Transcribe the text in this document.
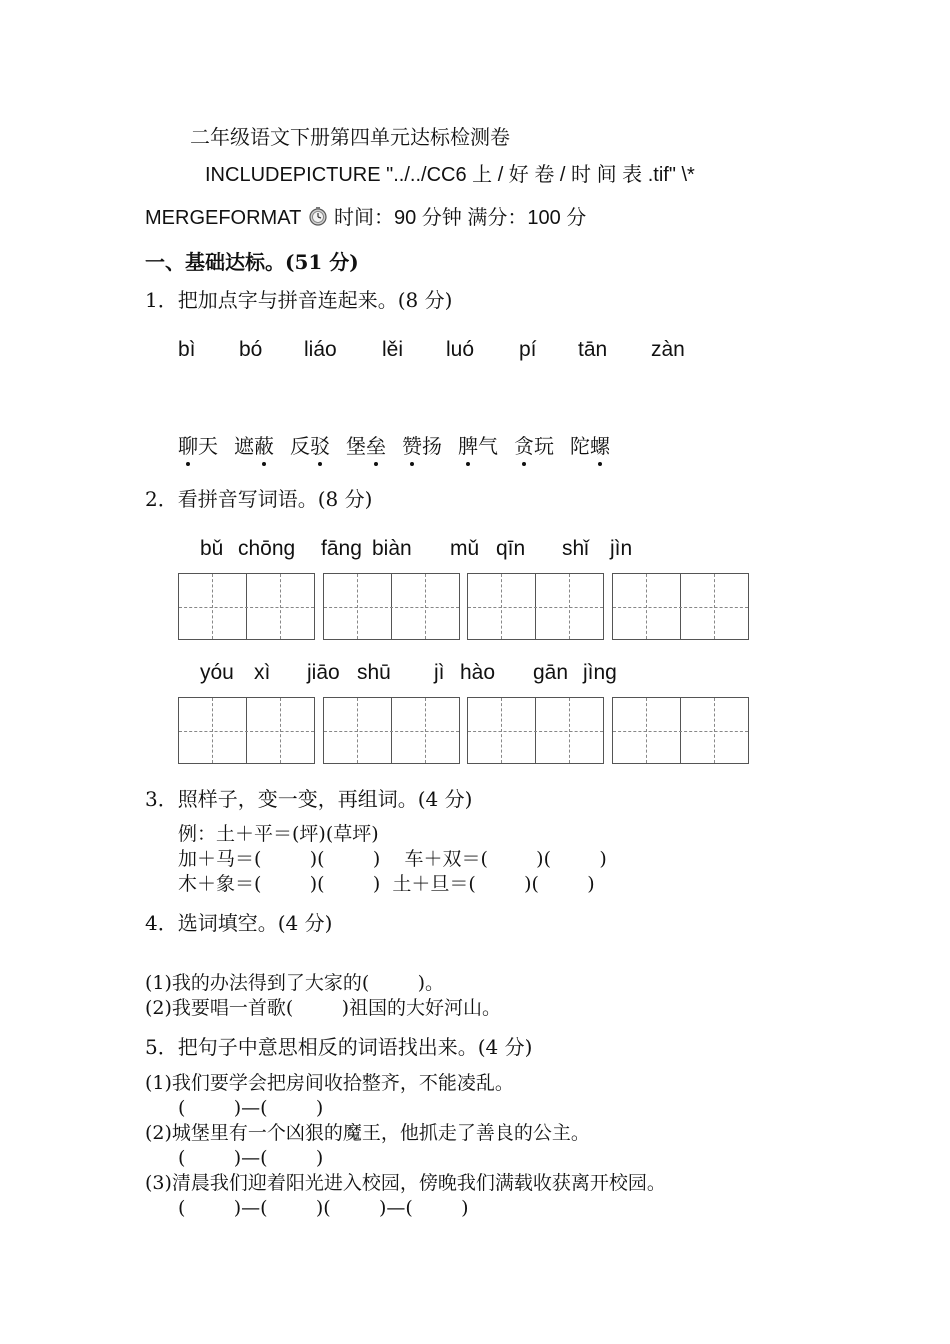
二年级语文下册第四单元达标检测卷
INCLUDEPICTURE "../../CC6 上 / 好 卷 / 时 间 表 .tif" \*
MERGEFORMAT 时间：90 分钟 满分：100 分
一、基础达标。(51 分)
1．把加点字与拼音连起来。(8 分)
bì bó liáo lěi luó pí tān zàn
聊天 遮蔽 反驳 堡垒 赞扬 脾气 贪玩 陀螺
2．看拼音写词语。(8 分)
bǔ chōng fāng biàn mǔ qīn shǐ jìn
yóu xì jiāo shū jì hào gān jìng
3．照样子，变一变，再组词。(4 分)
例：土＋平＝(坪)(草坪)
加＋马＝(        )(        )    车＋双＝(        )(        )
木＋象＝(        )(        )  土＋旦＝(        )(        )
4．选词填空。(4 分)
(1)我的办法得到了大家的(        )。
(2)我要唱一首歌(        )祖国的大好河山。
5．把句子中意思相反的词语找出来。(4 分)
(1)我们要学会把房间收拾整齐，不能凌乱。
(        )—(        )
(2)城堡里有一个凶狠的魔王，他抓走了善良的公主。
(        )—(        )
(3)清晨我们迎着阳光进入校园，傍晚我们满载收获离开校园。
(        )—(        )(        )—(        )
